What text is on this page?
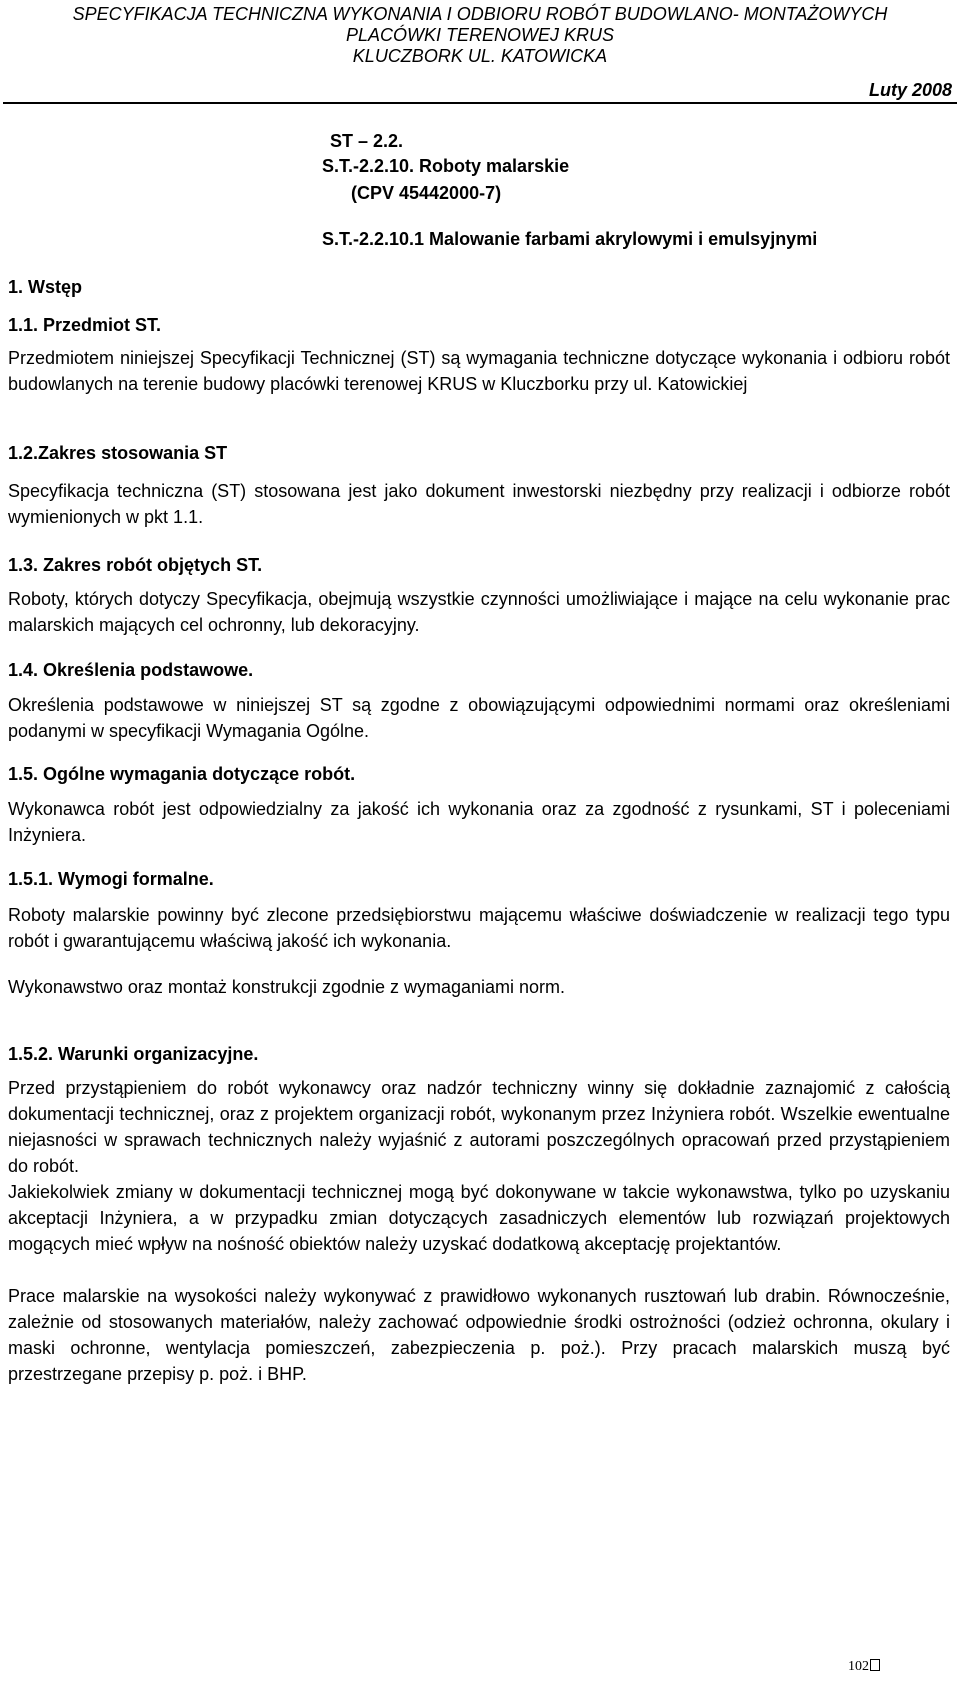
SPECYFIKACJA TECHNICZNA WYKONANIA I ODBIORU ROBÓT BUDOWLANO- MONTAŻOWYCH
PLACÓWKI TERENOWEJ KRUS
KLUCZBORK UL. KATOWICKA
Luty 2008
ST – 2.2.
S.T.-2.2.10. Roboty malarskie
(CPV 45442000-7)
S.T.-2.2.10.1 Malowanie farbami akrylowymi i emulsyjnymi
1. Wstęp
1.1. Przedmiot ST.
Przedmiotem niniejszej Specyfikacji Technicznej (ST) są wymagania techniczne dotyczące wykonania i odbioru robót budowlanych na terenie budowy placówki terenowej KRUS w Kluczborku przy ul. Katowickiej
1.2.Zakres stosowania ST
Specyfikacja techniczna (ST) stosowana jest jako dokument inwestorski niezbędny przy realizacji i odbiorze robót wymienionych w pkt 1.1.
1.3. Zakres robót objętych ST.
Roboty, których dotyczy Specyfikacja, obejmują wszystkie czynności umożliwiające i mające na celu wykonanie prac malarskich mających cel ochronny, lub dekoracyjny.
1.4. Określenia podstawowe.
Określenia podstawowe w niniejszej ST są zgodne z obowiązującymi odpowiednimi normami oraz określeniami podanymi w specyfikacji Wymagania Ogólne.
1.5. Ogólne wymagania dotyczące robót.
Wykonawca robót jest odpowiedzialny za jakość ich wykonania oraz za zgodność z rysunkami, ST i poleceniami Inżyniera.
1.5.1. Wymogi formalne.
Roboty malarskie powinny być zlecone przedsiębiorstwu mającemu właściwe doświadczenie w realizacji tego typu robót i gwarantującemu właściwą jakość ich wykonania.
Wykonawstwo oraz montaż konstrukcji zgodnie z wymaganiami norm.
1.5.2. Warunki organizacyjne.
Przed przystąpieniem do robót wykonawcy oraz nadzór techniczny winny się dokładnie zaznajomić z całością dokumentacji technicznej, oraz z projektem organizacji robót, wykonanym przez Inżyniera robót. Wszelkie ewentualne niejasności w sprawach technicznych należy wyjaśnić z autorami poszczególnych opracowań przed przystąpieniem do robót.
Jakiekolwiek zmiany w dokumentacji technicznej mogą być dokonywane w takcie wykonawstwa, tylko po uzyskaniu akceptacji Inżyniera, a w przypadku zmian dotyczących zasadniczych elementów lub rozwiązań projektowych mogących mieć wpływ na nośność obiektów należy uzyskać dodatkową akceptację projektantów.
Prace malarskie na wysokości należy wykonywać z prawidłowo wykonanych rusztowań lub drabin. Równocześnie, zależnie od stosowanych materiałów, należy zachować odpowiednie środki ostrożności (odzież ochronna, okulary i maski ochronne, wentylacja pomieszczeń, zabezpieczenia p. poż.). Przy pracach malarskich muszą być przestrzegane przepisy p. poż. i BHP.
102
